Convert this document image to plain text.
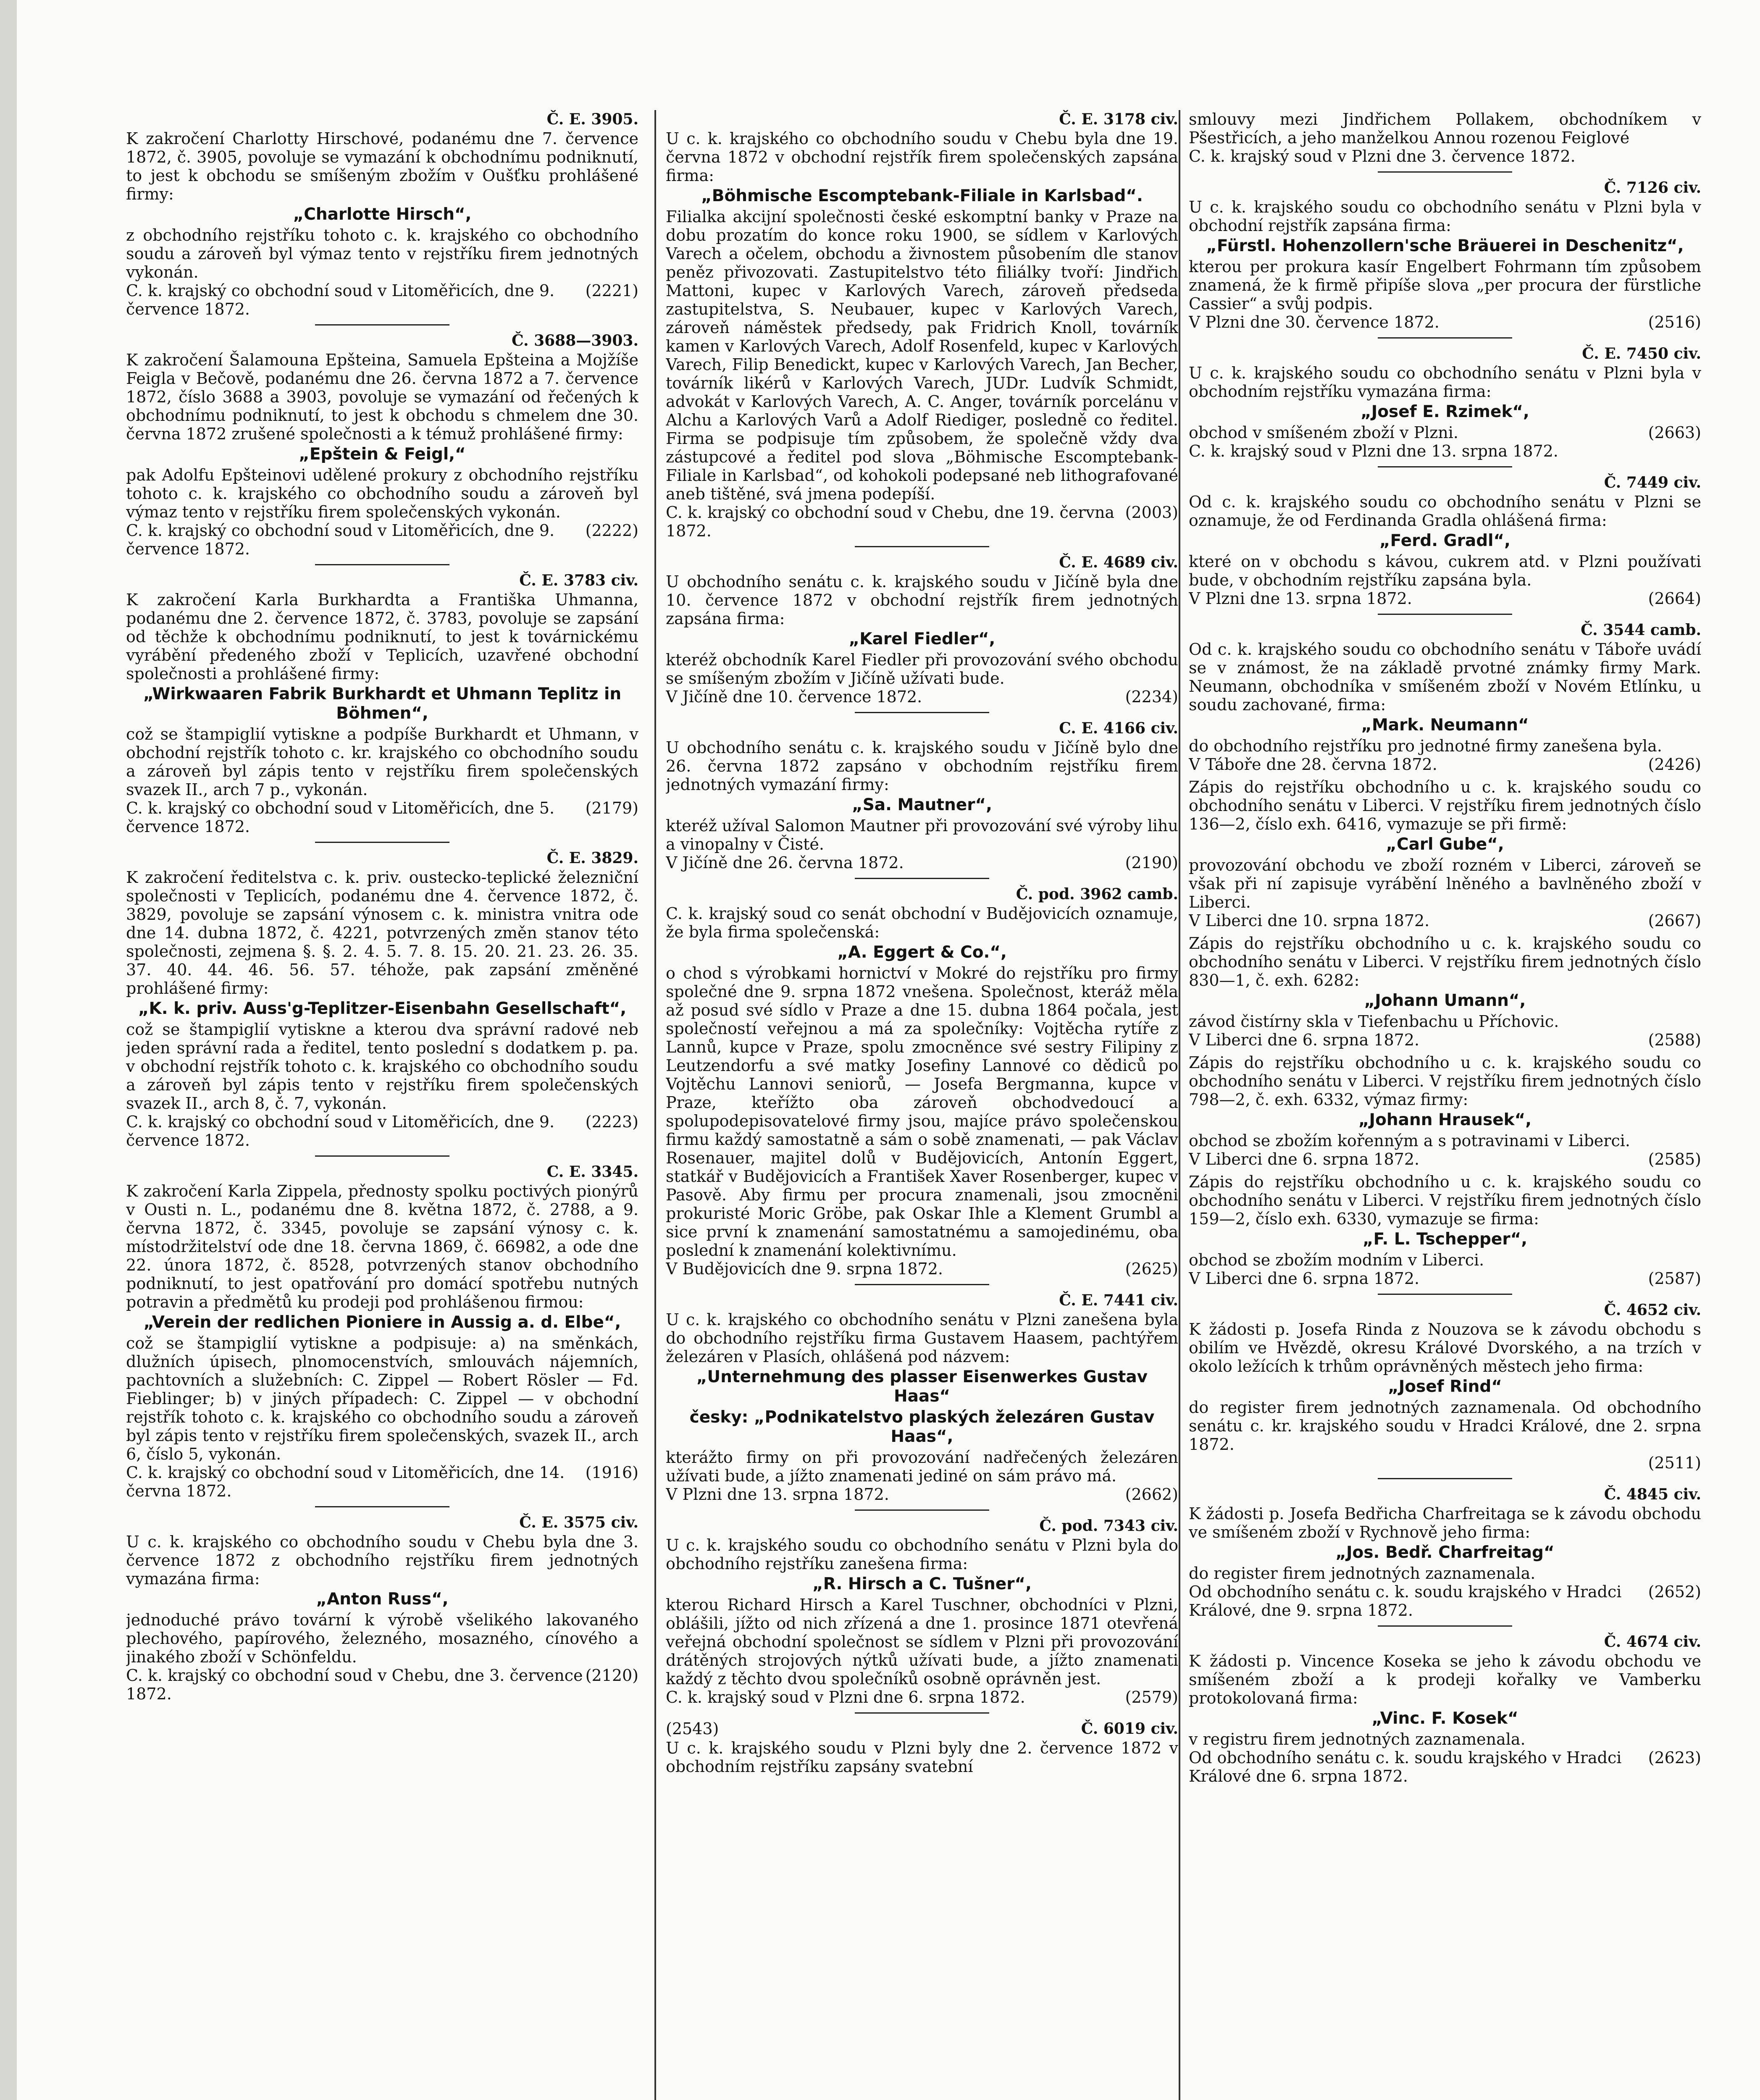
Č. E. 3905.

K zakročení Charlotty Hirschové, podanému dne 7. července 1872, č. 3905, povoluje se vymazání k obchodnímu podniknutí, to jest k obchodu se smíšeným zbožím v Oušťku prohlášené firmy:

„Charlotte Hirsch“,
z obchodního rejstříku tohoto c. k. krajského co obchodního soudu a zároveň byl výmaz tento v rejstříku firem jednotných vykonán.
C. k. krajský co obchodní soud v Litoměřicích, dne 9. července 1872.
(2221)
Č. 3688—3903.

K zakročení Šalamouna Epšteina, Samuela Epšteina a Mojžíše Feigla v Bečově, podanému dne 26. června 1872 a 7. července 1872, číslo 3688 a 3903, povoluje se vymazání od řečených k obchodnímu podniknutí, to jest k obchodu s chmelem dne 30. června 1872 zrušené společnosti a k témuž prohlášené firmy:

„Epštein & Feigl,“
pak Adolfu Epšteinovi udělené prokury z obchodního rejstříku tohoto c. k. krajského co obchodního soudu a zároveň byl výmaz tento v rejstříku firem společenských vykonán.
C. k. krajský co obchodní soud v Litoměřicích, dne 9. července 1872.
(2222)
Č. E. 3783 civ.

K zakročení Karla Burkhardta a Františka Uhmanna, podanému dne 2. července 1872, č. 3783, povoluje se zapsání od těchže k obchodnímu podniknutí, to jest k továrnickému vyrábění předeného zboží v Teplicích, uzavřené obchodní společnosti a prohlášené firmy:

„Wirkwaaren Fabrik Burkhardt et Uhmann Teplitz in Böhmen“,
což se štampiglií vytiskne a podpíše Burkhardt et Uhmann, v obchodní rejstřík tohoto c. kr. krajského co obchodního soudu a zároveň byl zápis tento v rejstříku firem společenských svazek II., arch 7 p., vykonán.
C. k. krajský co obchodní soud v Litoměřicích, dne 5. července 1872.
(2179)
Č. E. 3829.

K zakročení ředitelstva c. k. priv. oustecko-teplické železniční společnosti v Teplicích, podanému dne 4. července 1872, č. 3829, povoluje se zapsání výnosem c. k. ministra vnitra ode dne 14. dubna 1872, č. 4221, potvrzených změn stanov této společnosti, zejmena §. §. 2. 4. 5. 7. 8. 15. 20. 21. 23. 26. 35. 37. 40. 44. 46. 56. 57. téhože, pak zapsání změněné prohlášené firmy:

„K. k. priv. Auss'g-Teplitzer-Eisenbahn Gesellschaft“,
což se štampiglií vytiskne a kterou dva správní radové neb jeden správní rada a ředitel, tento poslední s dodatkem p. pa. v obchodní rejstřík tohoto c. k. krajského co obchodního soudu a zároveň byl zápis tento v rejstříku firem společenských svazek II., arch 8, č. 7, vykonán.
C. k. krajský co obchodní soud v Litoměřicích, dne 9. července 1872.
(2223)
C. E. 3345.

K zakročení Karla Zippela, přednosty spolku poctivých pionýrů v Ousti n. L., podanému dne 8. května 1872, č. 2788, a 9. června 1872, č. 3345, povoluje se zapsání výnosy c. k. místodržitelství ode dne 18. června 1869, č. 66982, a ode dne 22. února 1872, č. 8528, potvrzených stanov obchodního podniknutí, to jest opatřování pro domácí spotřebu nutných potravin a předmětů ku prodeji pod prohlášenou firmou:

„Verein der redlichen Pioniere in Aussig a. d. Elbe“,
což se štampiglií vytiskne a podpisuje: a) na směnkách, dlužních úpisech, plnomocenstvích, smlouvách nájemních, pachtovních a služebních: C. Zippel — Robert Rösler — Fd. Fieblinger; b) v jiných případech: C. Zippel — v obchodní rejstřík tohoto c. k. krajského co obchodního soudu a zároveň byl zápis tento v rejstříku firem společenských, svazek II., arch 6, číslo 5, vykonán.
C. k. krajský co obchodní soud v Litoměřicích, dne 14. června 1872.
(1916)
Č. E. 3575 civ.

U c. k. krajského co obchodního soudu v Chebu byla dne 3. července 1872 z obchodního rejstříku firem jednotných vymazána firma:

„Anton Russ“,
jednoduché právo tovární k výrobě všelikého lakovaného plechového, papírového, železného, mosazného, cínového a jinakého zboží v Schönfeldu.
C. k. krajský co obchodní soud v Chebu, dne 3. července 1872.
(2120)
Č. E. 3178 civ.

U c. k. krajského co obchodního soudu v Chebu byla dne 19. června 1872 v obchodní rejstřík firem společenských zapsána firma:

„Böhmische Escomptebank-Filiale in Karlsbad“.
Filialka akcijní společnosti české eskomptní banky v Praze na dobu prozatím do konce roku 1900, se sídlem v Karlových Varech a očelem, obchodu a živnostem působením dle stanov peněz přivozovati. Zastupitelstvo této filiálky tvoří: Jindřich Mattoni, kupec v Karlových Varech, zároveň předseda zastupitelstva, S. Neubauer, kupec v Karlových Varech, zároveň náměstek předsedy, pak Fridrich Knoll, továrník kamen v Karlových Varech, Adolf Rosenfeld, kupec v Karlových Varech, Filip Benedickt, kupec v Karlových Varech, Jan Becher, továrník likérů v Karlových Varech, JUDr. Ludvík Schmidt, advokát v Karlových Varech, A. C. Anger, továrník porcelánu v Alchu a Karlových Varů a Adolf Riediger, posledně co ředitel. Firma se podpisuje tím způsobem, že společně vždy dva zástupcové a ředitel pod slova „Böhmische Escomptebank-Filiale in Karlsbad“, od kohokoli podepsané neb lithografované aneb tištěné, svá jmena podepíší.
C. k. krajský co obchodní soud v Chebu, dne 19. června 1872.
(2003)
Č. E. 4689 civ.

U obchodního senátu c. k. krajského soudu v Jičíně byla dne 10. července 1872 v obchodní rejstřík firem jednotných zapsána firma:

„Karel Fiedler“,
kteréž obchodník Karel Fiedler při provozování svého obchodu se smíšeným zbožím v Jičíně užívati bude.
V Jičíně dne 10. července 1872.	(2234)
C. E. 4166 civ.

U obchodního senátu c. k. krajského soudu v Jičíně bylo dne 26. června 1872 zapsáno v obchodním rejstříku firem jednotných vymazání firmy:

„Sa. Mautner“,
kteréž užíval Salomon Mautner při provozování své výroby lihu a vinopalny v Čisté.
V Jičíně dne 26. června 1872.	(2190)
Č. pod. 3962 camb.

C. k. krajský soud co senát obchodní v Budějovicích oznamuje, že byla firma společenská:

„A. Eggert & Co.“,
o chod s výrobkami hornictví v Mokré do rejstříku pro firmy společné dne 9. srpna 1872 vnešena. Společnost, kteráž měla až posud své sídlo v Praze a dne 15. dubna 1864 počala, jest společností veřejnou a má za společníky: Vojtěcha rytíře z Lannů, kupce v Praze, spolu zmocněnce své sestry Filipiny z Leutzendorfu a své matky Josefiny Lannové co dědiců po Vojtěchu Lannovi seniorů, — Josefa Bergmanna, kupce v Praze, kteřížto oba zároveň obchodvedoucí a spolupodepisovatelové firmy jsou, majíce právo společenskou firmu každý samostatně a sám o sobě znamenati, — pak Václav Rosenauer, majitel dolů v Budějovicích, Antonín Eggert, statkář v Budějovicích a František Xaver Rosenberger, kupec v Pasově. Aby firmu per procura znamenali, jsou zmocněni prokuristé Moric Gröbe, pak Oskar Ihle a Klement Grumbl a sice první k znamenání samostatnému a samojedinému, oba poslední k znamenání kolektivnímu.
V Budějovicích dne 9. srpna 1872.	(2625)
Č. E. 7441 civ.

U c. k. krajského co obchodního senátu v Plzni zanešena byla do obchodního rejstříku firma Gustavem Haasem, pachtýřem železáren v Plasích, ohlášená pod názvem:

„Unternehmung des plasser Eisenwerkes Gustav Haas“
česky: „Podnikatelstvo plaských železáren Gustav Haas“,
kterážto firmy on při provozování nadřečených železáren užívati bude, a jížto znamenati jediné on sám právo má.
V Plzni dne 13. srpna 1872.	(2662)
Č. pod. 7343 civ.

U c. k. krajského soudu co obchodního senátu v Plzni byla do obchodního rejstříku zanešena firma:

„R. Hirsch a C. Tušner“,
kterou Richard Hirsch a Karel Tuschner, obchodníci v Plzni, oblášili, jížto od nich zřízená a dne 1. prosince 1871 otevřená veřejná obchodní společnost se sídlem v Plzni při provozování drátěných strojových nýtků užívati bude, a jížto znamenati každý z těchto dvou společníků osobně oprávněn jest.
C. k. krajský soud v Plzni dne 6. srpna 1872.	(2579)
(2543)	Č. 6019 civ.

U c. k. krajského soudu v Plzni byly dne 2. července 1872 v obchodním rejstříku zapsány svatební

smlouvy mezi Jindřichem Pollakem, obchodníkem v Pšestřicích, a jeho manželkou Annou rozenou Feiglové

C. k. krajský soud v Plzni dne 3. července 1872.
Č. 7126 civ.

U c. k. krajského soudu co obchodního senátu v Plzni byla v obchodní rejstřík zapsána firma:

„Fürstl. Hohenzollern'sche Bräuerei in Deschenitz“,
kterou per prokura kasír Engelbert Fohrmann tím způsobem znamená, že k firmě připíše slova „per procura der fürstliche Cassier“ a svůj podpis.
V Plzni dne 30. července 1872.	(2516)
Č. E. 7450 civ.

U c. k. krajského soudu co obchodního senátu v Plzni byla v obchodním rejstříku vymazána firma:

„Josef E. Rzimek“,
obchod v smíšeném zboží v Plzni.	(2663)
C. k. krajský soud v Plzni dne 13. srpna 1872.
Č. 7449 civ.

Od c. k. krajského soudu co obchodního senátu v Plzni se oznamuje, že od Ferdinanda Gradla ohlášená firma:

„Ferd. Gradl“,
které on v obchodu s kávou, cukrem atd. v Plzni používati bude, v obchodním rejstříku zapsána byla.
V Plzni dne 13. srpna 1872.	(2664)
Č. 3544 camb.

Od c. k. krajského soudu co obchodního senátu v Táboře uvádí se v známost, že na základě prvotné známky firmy Mark. Neumann, obchodníka v smíšeném zboží v Novém Etlínku, u soudu zachované, firma:

„Mark. Neumann“
do obchodního rejstříku pro jednotné firmy zanešena byla.
V Táboře dne 28. června 1872.	(2426)

Zápis do rejstříku obchodního u c. k. krajského soudu co obchodního senátu v Liberci. V rejstříku firem jednotných číslo 136—2, číslo exh. 6416, vymazuje se při firmě:

„Carl Gube“,
provozování obchodu ve zboží rozném v Liberci, zároveň se však při ní zapisuje vyrábění lněného a bavlněného zboží v Liberci.
V Liberci dne 10. srpna 1872.	(2667)

Zápis do rejstříku obchodního u c. k. krajského soudu co obchodního senátu v Liberci. V rejstříku firem jednotných číslo 830—1, č. exh. 6282:

„Johann Umann“,
závod čistírny skla v Tiefenbachu u Příchovic.
V Liberci dne 6. srpna 1872.	(2588)

Zápis do rejstříku obchodního u c. k. krajského soudu co obchodního senátu v Liberci. V rejstříku firem jednotných číslo 798—2, č. exh. 6332, výmaz firmy:

„Johann Hrausek“,
obchod se zbožím kořenným a s potravinami v Liberci.
V Liberci dne 6. srpna 1872.	(2585)

Zápis do rejstříku obchodního u c. k. krajského soudu co obchodního senátu v Liberci. V rejstříku firem jednotných číslo 159—2, číslo exh. 6330, vymazuje se firma:

„F. L. Tschepper“,
obchod se zbožím modním v Liberci.
V Liberci dne 6. srpna 1872.	(2587)
Č. 4652 civ.

K žádosti p. Josefa Rinda z Nouzova se k závodu obchodu s obilím ve Hvězdě, okresu Králové Dvorského, a na trzích v okolo ležících k trhům oprávněných městech jeho firma:

„Josef Rind“
do register firem jednotných zaznamenala. Od obchodního senátu c. kr. krajského soudu v Hradci Králové, dne 2. srpna 1872.
(2511)
Č. 4845 civ.

K žádosti p. Josefa Bedřicha Charfreitaga se k závodu obchodu ve smíšeném zboží v Rychnově jeho firma:

„Jos. Bedř. Charfreitag“
do register firem jednotných zaznamenala.
Od obchodního senátu c. k. soudu krajského v Hradci Králové, dne 9. srpna 1872.
(2652)
Č. 4674 civ.

K žádosti p. Vincence Koseka se jeho k závodu obchodu ve smíšeném zboží a k prodeji kořalky ve Vamberku protokolovaná firma:

„Vinc. F. Kosek“
v registru firem jednotných zaznamenala.
Od obchodního senátu c. k. soudu krajského v Hradci Králové dne 6. srpna 1872.
(2623)
